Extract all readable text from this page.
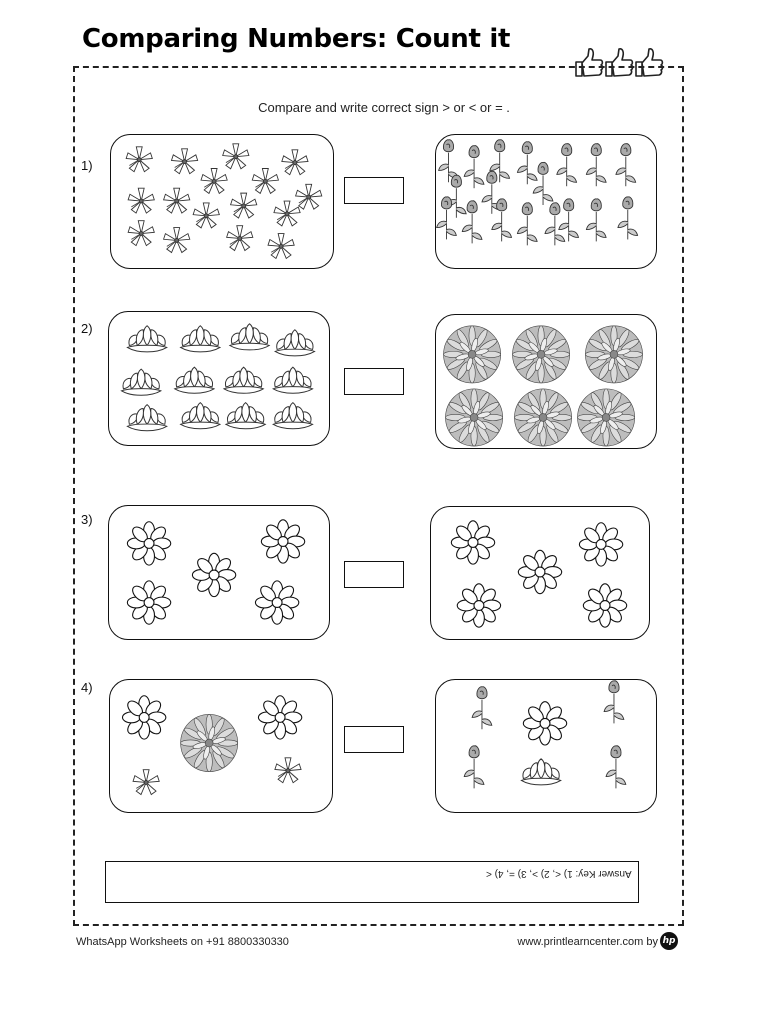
Comparing Numbers: Count it
Compare and write correct sign > or < or = .
1)
2)
3)
4)
Answer Key: 1) <, 2) >, 3) =, 4) <
WhatsApp Worksheets on +91 8800330330	www.printlearncenter.com by hp
